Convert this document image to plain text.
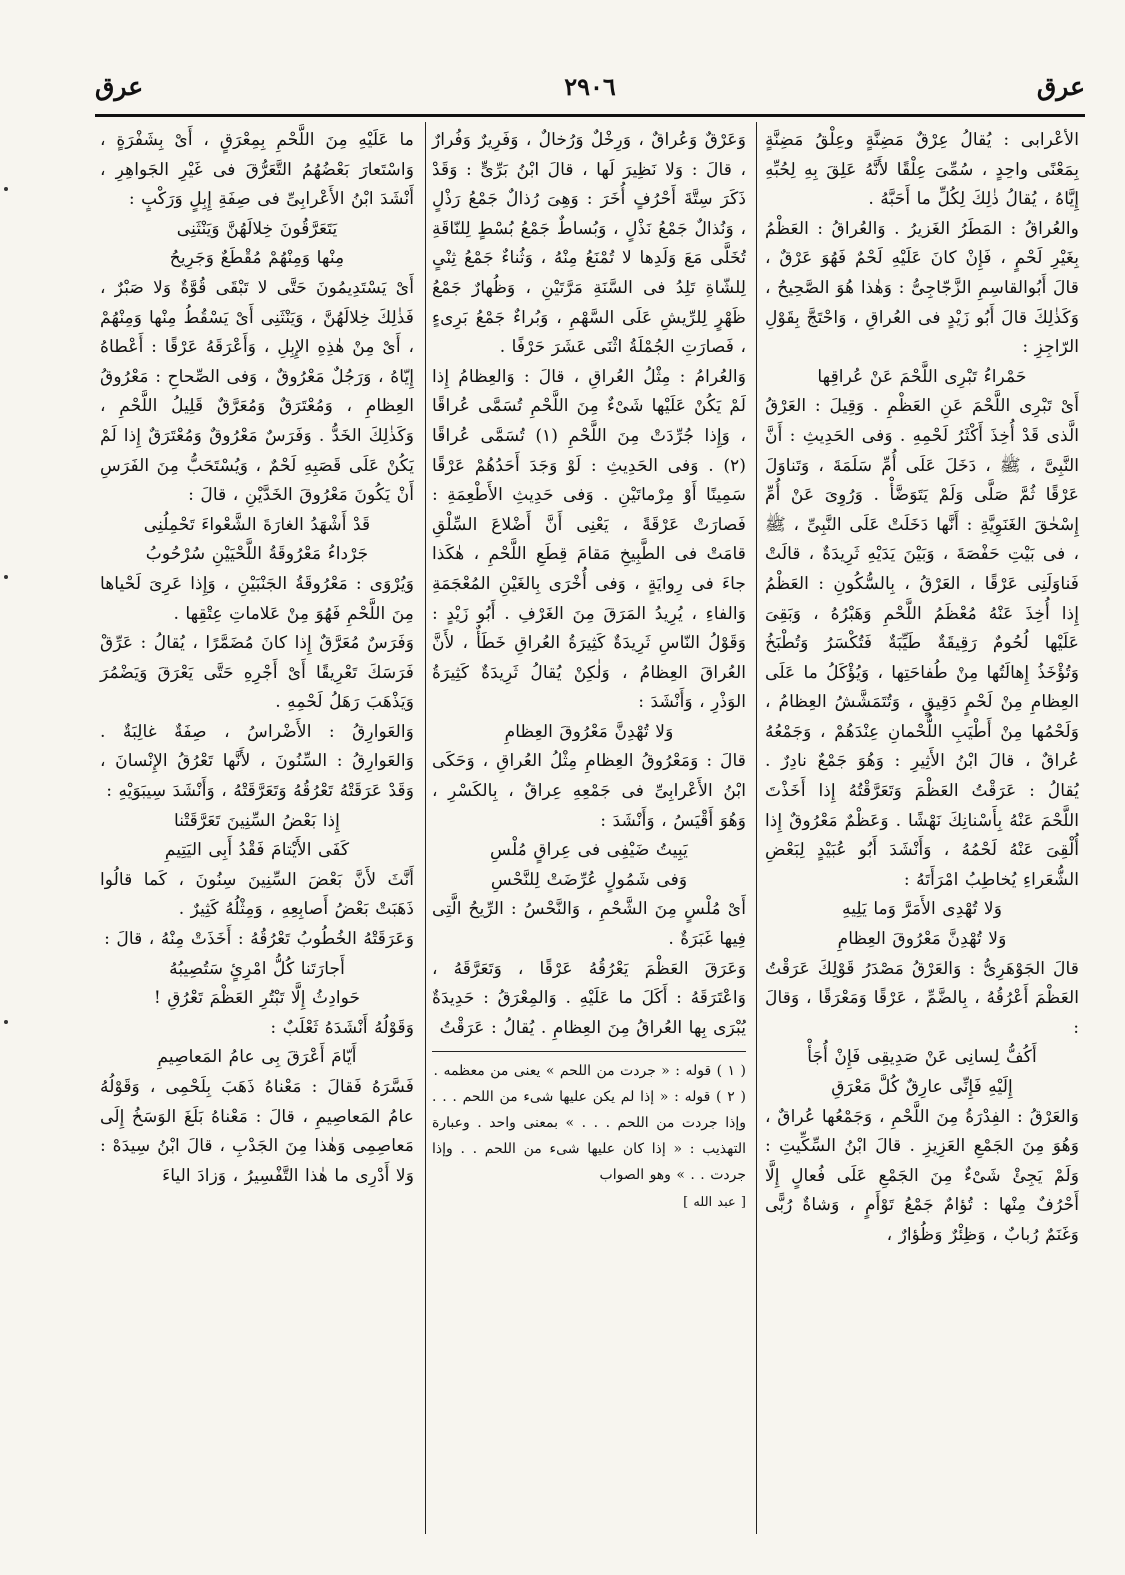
عرق
٢٩٠٦
عرق

الأعْرابى : يُقالُ عِرْقٌ مَضِنَّةٍ وعِلْقُ مَضِنَّةٍ بِمَعْنًى واحِدٍ ، سُمِّىَ عِلْقًا لأَنَّهُ عَلِقَ بِهِ لِحُبِّهِ إِيَّاهُ ، يُقالُ ذٰلِكَ لِكُلِّ ما أَحَبَّهُ .

والعُراقُ : المَطَرُ الغَزيرُ . وَالعُراقُ : العَظْمُ بِغَيْرِ لَحْمٍ ، فَإِنْ كانَ عَلَيْهِ لَحْمٌ فَهُوَ عَرْقٌ ، قالَ أَبُوالقاسِمِ الزَّجّاجِىُّ : وَهٰذا هُوَ الصَّحِيحُ ، وَكَذٰلِكَ قالَ أَبُو زَيْدٍ فى العُراقِ ، وَاحْتَجَّ بِقَوْلِ الرّاجِزِ :

حَمْراءُ تَبْرِى اللَّحْمَ عَنْ عُراقِها

أَىْ تَبْرِى اللَّحْمَ عَنِ العَظْمِ . وَقِيلَ : العَرْقُ الَّذى قَدْ أُخِذَ أَكْثَرُ لَحْمِهِ . وَفى الحَدِيثِ : أَنَّ النَّبِىَّ ، ﷺ ، دَخَلَ عَلَى أُمِّ سَلَمَةَ ، وَتَناوَلَ عَرْقًا ثُمَّ صَلَّى وَلَمْ يَتَوَضَّأْ . وَرُوِىَ عَنْ أُمِّ إِسْحٰقَ الغَنَوِيَّةِ : أَنَّها دَخَلَتْ عَلَى النَّبِىِّ ، ﷺ ، فى بَيْتِ حَفْصَةَ ، وَبَيْنَ يَدَيْهِ ثَرِيدَةٌ ، قالَتْ فَناوَلَنِى عَرْقًا ، العَرْقُ ، بِالسُّكُونِ : العَظْمُ إِذا أُخِذَ عَنْهُ مُعْظَمُ اللَّحْمِ وَهَبْرُهُ ، وَبَقِىَ عَلَيْها لُحُومٌ رَقِيقَةٌ طَيِّبَةٌ فَتُكْسَرُ وَتُطْبَخُ وَتُؤْخَذُ إِهالَتُها مِنْ طُفاحَتِها ، وَيُؤْكَلُ ما عَلَى العِظامِ مِنْ لَحْمٍ دَقِيقٍ ، وَتُتَمَشَّشُ العِظامُ ، وَلَحْمُها مِنْ أَطْيَبِ اللُّحْمانِ عِنْدَهُمْ ، وَجَمْعُهُ عُراقٌ ، قالَ ابْنُ الأَثِيرِ : وَهُوَ جَمْعٌ نادِرٌ . يُقالُ : عَرَقْتُ العَظْمَ وَتَعَرَّقْتُهُ إِذا أَخَذْتَ اللَّحْمَ عَنْهُ بِأَسْنانِكَ نَهْشًا . وَعَظْمٌ مَعْرُوقٌ إِذا أُلْقِىَ عَنْهُ لَحْمُهُ ، وَأَنْشَدَ أَبُو عُبَيْدٍ لِبَعْضِ الشُّعَراءِ يُخاطِبُ امْرَأَتَهُ :

وَلا تُهْدِى الأَمَرَّ وَما يَلِيهِ

وَلا تُهْدِنَّ مَعْرُوقَ العِظامِ

قالَ الجَوْهَرِىُّ : وَالعَرْقُ مَصْدَرُ قَوْلِكَ عَرَقْتُ العَظْمَ أَعْرُقُهُ ، بِالضَّمِّ ، عَرْقًا وَمَعْرَقًا ، وَقالَ :

أَكُفُّ لِسانِى عَنْ صَدِيقِى فَإِنْ أُجَأْ

إِلَيْهِ فَإِنِّى عارِقٌ كُلَّ مَعْرَقِ

وَالعَرْقُ : الفِدْرَةُ مِنَ اللَّحْمِ ، وَجَمْعُها عُراقٌ ، وَهُوَ مِنَ الجَمْعِ العَزِيزِ . قالَ ابْنُ السِّكِّيتِ : وَلَمْ يَجِئْ شَىْءٌ مِنَ الجَمْعِ عَلَى فُعالٍ إِلَّا أَحْرُفٌ مِنْها : تُؤامٌ جَمْعُ تَوْأَمٍ ، وَشاةٌ رُبًّى وَغَنَمٌ رُبابٌ ، وَظِئْرٌ وَظُؤارٌ ،

وَعَرْقٌ وَعُراقٌ ، وَرِخْلٌ وَرُخالٌ ، وَفَرِيرٌ وَفُرارٌ ، قالَ : وَلا نَظِيرَ لَها ، قالَ ابْنُ بَرِّىٍّ : وَقَدْ ذَكَرَ سِتَّةَ أَحْرُفٍ أُخَرَ : وَهِىَ رُذالٌ جَمْعُ رَذْلٍ ، وَنُذالٌ جَمْعُ نَذْلٍ ، وَبُساطٌ جَمْعُ بُسْطٍ لِلنّاقَةِ تُخَلَّى مَعَ وَلَدِها لا تُمْنَعُ مِنْهُ ، وَثُناءٌ جَمْعُ ثِنْىٍ لِلشّاةِ تَلِدُ فى السَّنَةِ مَرَّتَيْنِ ، وَظُهارٌ جَمْعُ ظَهْرٍ لِلرِّيشِ عَلَى السَّهْمِ ، وَبُراءٌ جَمْعُ بَرِىءٍ ، فَصارَتِ الجُمْلَةُ اثْنَى عَشَرَ حَرْفًا .

وَالعُرامُ : مِثْلُ العُراقِ ، قالَ : وَالعِظامُ إِذا لَمْ يَكُنْ عَلَيْها شَىْءٌ مِنَ اللَّحْمِ تُسَمَّى عُراقًا ، وَإِذا جُرِّدَتْ مِنَ اللَّحْمِ (١) تُسَمَّى عُراقًا (٢) . وَفى الحَدِيثِ : لَوْ وَجَدَ أَحَدُهُمْ عَرْقًا سَمِينًا أَوْ مِرْماتَيْنِ . وَفى حَدِيثِ الأَطْعِمَةِ : فَصارَتْ عَرْقَةً ، يَعْنِى أَنَّ أَضْلاعَ السِّلْقِ قامَتْ فى الطَّبِيخِ مَقامَ قِطَعِ اللَّحْمِ ، هٰكَذا جاءَ فى رِوايَةٍ ، وَفى أُخْرَى بِالغَيْنِ المُعْجَمَةِ وَالفاءِ ، يُرِيدُ المَرَقَ مِنَ الغَرْفِ . أَبُو زَيْدٍ : وَقَوْلُ النّاسِ ثَرِيدَةٌ كَثِيرَةُ العُراقِ خَطَأٌ ، لأَنَّ العُراقَ العِظامُ ، وَلٰكِنْ يُقالُ ثَرِيدَةٌ كَثِيرَةُ الوَذْرِ ، وَأَنْشَدَ :

وَلا تُهْدِنَّ مَعْرُوقَ العِظامِ

قالَ : وَمَعْرُوقُ العِظامِ مِثْلُ العُراقِ ، وَحَكَى ابْنُ الأَعْرابِىِّ فى جَمْعِهِ عِراقٌ ، بِالكَسْرِ ، وَهُوَ أَقْيَسُ ، وَأَنْشَدَ :

يَبِيتُ ضَيْفِى فى عِراقٍ مُلْسِ

وَفى شَمُولٍ عُرِّضَتْ لِلنَّحْسِ

أَىْ مُلْسٍ مِنَ الشَّحْمِ ، وَالنَّحْسُ : الرِّيحُ الَّتِى فِيها غَبَرَةٌ .

وَعَرَقَ العَظْمَ يَعْرُقُهُ عَرْقًا ، وَتَعَرَّقَهُ ، وَاعْتَرَقَهُ : أَكَلَ ما عَلَيْهِ . وَالمِعْرَقُ : حَدِيدَةٌ يُبْرَى بِها العُراقُ مِنَ العِظامِ . يُقالُ : عَرَقْتُ

( ١ ) قوله : « جردت من اللحم » يعنى من معظمه .

( ٢ ) قوله : « إذا لم يكن عليها شىء من اللحم . . . وإذا جردت من اللحم . . . » بمعنى واحد . وعبارة التهذيب : « إذا كان عليها شىء من اللحم . . وإذا جردت . . » وهو الصواب

[ عبد الله ]

ما عَلَيْهِ مِنَ اللَّحْمِ بِمِعْرَقٍ ، أَىْ بِشَفْرَةٍ ، وَاسْتَعارَ بَعْضُهُمُ التَّعَرُّقَ فى غَيْرِ الجَواهِرِ ، أَنْشَدَ ابْنُ الأَعْرابِىِّ فى صِفَةِ إِبِلٍ وَرَكْبٍ :

يَتَعَرَّقُونَ خِلالَهُنَّ وَيَنْثَنِى

مِنْها وَمِنْهُمْ مُقْطَعٌ وَجَرِيحُ

أَىْ يَسْتَدِيمُونَ حَتَّى لا تَبْقَى قُوَّةٌ وَلا صَبْرٌ ، فَذٰلِكَ خِلالَهُنَّ ، وَيَنْثَنِى أَىْ يَسْقُطُ مِنْها وَمِنْهُمْ ، أَىْ مِنْ هٰذِهِ الإِبِلِ ، وَأَعْرَقَهُ عَرْقًا : أَعْطاهُ إِيّاهُ ، وَرَجُلٌ مَعْرُوقٌ ، وَفى الصِّحاحِ : مَعْرُوقُ العِظامِ ، وَمُعْتَرَقٌ وَمُعَرَّقٌ قَلِيلُ اللَّحْمِ ، وَكَذٰلِكَ الخَدُّ . وَفَرَسٌ مَعْرُوقٌ وَمُعْتَرَقٌ إِذا لَمْ يَكُنْ عَلَى قَصَبِهِ لَحْمٌ ، وَيُسْتَحَبُّ مِنَ الفَرَسِ أَنْ يَكُونَ مَعْرُوقَ الخَدَّيْنِ ، قالَ :

قَدْ أَشْهَدُ الغارَةَ الشَّعْواءَ تَحْمِلُنِى

جَرْداءُ مَعْرُوقَةُ اللَّحْيَيْنِ سُرْحُوبُ

وَيُرْوَى : مَعْرُوقَةُ الجَنْبَيْنِ ، وَإِذا عَرِىَ لَحْياها مِنَ اللَّحْمِ فَهُوَ مِنْ عَلاماتِ عِتْقِها .

وَفَرَسٌ مُعَرَّقٌ إِذا كانَ مُضَمَّرًا ، يُقالُ : عَرِّقْ فَرَسَكَ تَعْرِيقًا أَىْ أَجْرِهِ حَتَّى يَعْرَقَ وَيَضْمُرَ وَيَذْهَبَ رَهَلُ لَحْمِهِ .

وَالعَوارِقُ : الأَضْراسُ ، صِفَةٌ غالِبَةٌ . وَالعَوارِقُ : السِّنُونَ ، لأَنَّها تَعْرُقُ الإِنْسانَ ، وَقَدْ عَرَقَتْهُ تَعْرُقُهُ وَتَعَرَّقَتْهُ ، وَأَنْشَدَ سِيبَوَيْهِ :

إِذا بَعْضُ السِّنِينَ تَعَرَّقَتْنا

كَفَى الأَيْتامَ فَقْدُ أَبِى اليَتِيمِ

أَنَّثَ لأَنَّ بَعْضَ السِّنِينَ سِنُونَ ، كَما قالُوا ذَهَبَتْ بَعْضُ أَصابِعِهِ ، وَمِثْلُهُ كَثِيرٌ .

وَعَرَقَتْهُ الخُطُوبُ تَعْرُقُهُ : أَخَذَتْ مِنْهُ ، قالَ :

أَجارَتَنا كُلُّ امْرِئٍ سَتُصِيبُهُ

حَوادِثُ إِلَّا تَبْتُرِ العَظْمَ تَعْرُقِ !

وَقَوْلُهُ أَنْشَدَهُ ثَعْلَبٌ :

أَيّامَ أَعْرَقَ بِى عامُ المَعاصِيمِ

فَسَّرَهُ فَقالَ : مَعْناهُ ذَهَبَ بِلَحْمِى ، وَقَوْلُهُ عامُ المَعاصِيمِ ، قالَ : مَعْناهُ بَلَغَ الوَسَخُ إِلَى مَعاصِمِى وَهٰذا مِنَ الجَدْبِ ، قالَ ابْنُ سِيدَهْ : وَلا أَدْرِى ما هٰذا التَّفْسِيرُ ، وَزادَ الياءَ
